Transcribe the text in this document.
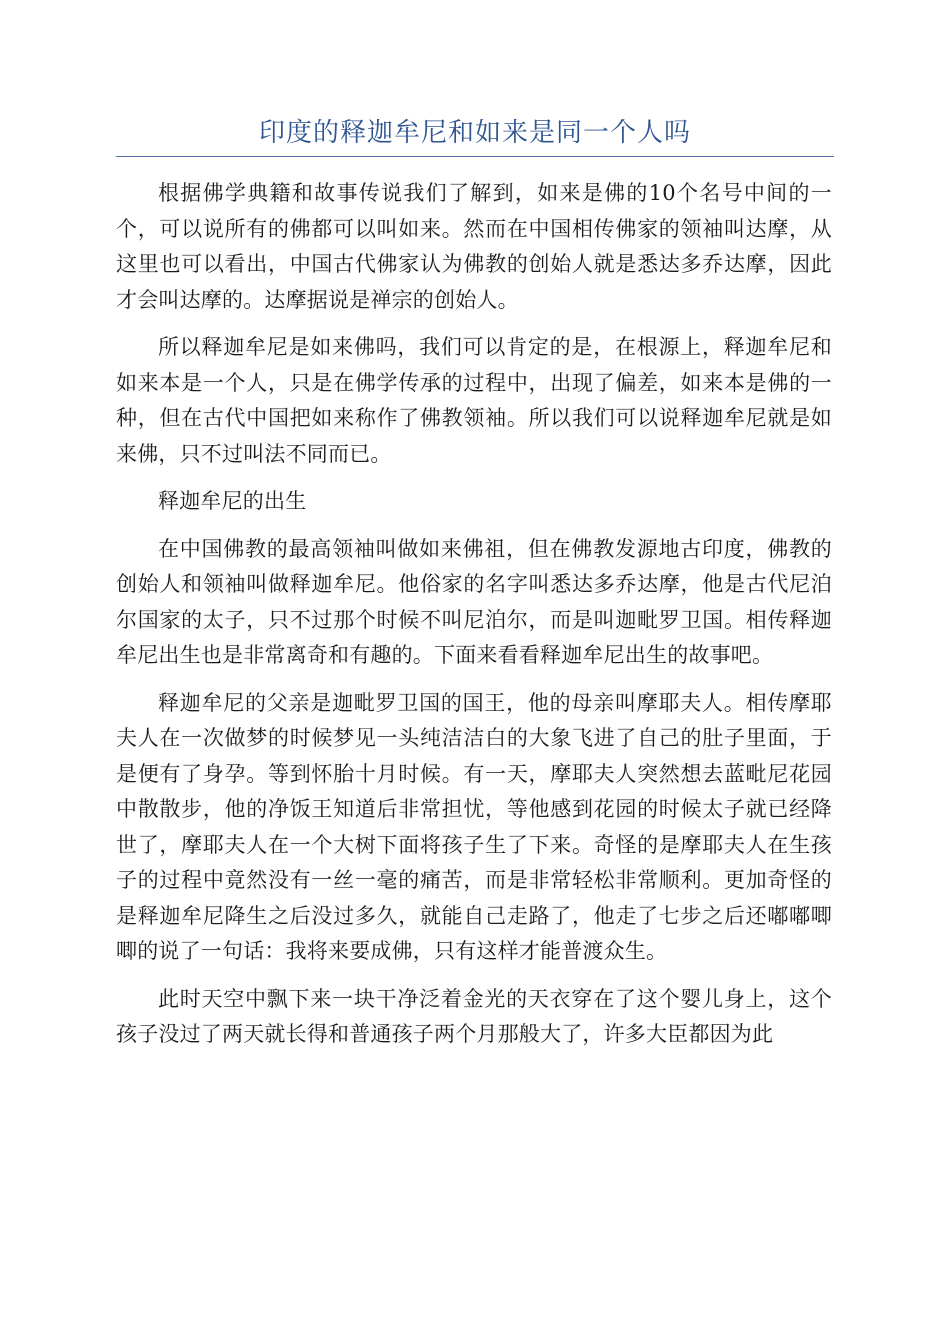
印度的释迦牟尼和如来是同一个人吗

根据佛学典籍和故事传说我们了解到，如来是佛的10个名号中间的一个，可以说所有的佛都可以叫如来。然而在中国相传佛家的领袖叫达摩，从这里也可以看出，中国古代佛家认为佛教的创始人就是悉达多乔达摩，因此才会叫达摩的。达摩据说是禅宗的创始人。

所以释迦牟尼是如来佛吗，我们可以肯定的是，在根源上，释迦牟尼和如来本是一个人，只是在佛学传承的过程中，出现了偏差，如来本是佛的一种，但在古代中国把如来称作了佛教领袖。所以我们可以说释迦牟尼就是如来佛，只不过叫法不同而已。

释迦牟尼的出生

在中国佛教的最高领袖叫做如来佛祖，但在佛教发源地古印度，佛教的创始人和领袖叫做释迦牟尼。他俗家的名字叫悉达多乔达摩，他是古代尼泊尔国家的太子，只不过那个时候不叫尼泊尔，而是叫迦毗罗卫国。相传释迦牟尼出生也是非常离奇和有趣的。下面来看看释迦牟尼出生的故事吧。

释迦牟尼的父亲是迦毗罗卫国的国王，他的母亲叫摩耶夫人。相传摩耶夫人在一次做梦的时候梦见一头纯洁洁白的大象飞进了自己的肚子里面，于是便有了身孕。等到怀胎十月时候。有一天，摩耶夫人突然想去蓝毗尼花园中散散步，他的净饭王知道后非常担忧，等他感到花园的时候太子就已经降世了，摩耶夫人在一个大树下面将孩子生了下来。奇怪的是摩耶夫人在生孩子的过程中竟然没有一丝一毫的痛苦，而是非常轻松非常顺利。更加奇怪的是释迦牟尼降生之后没过多久，就能自己走路了，他走了七步之后还嘟嘟唧唧的说了一句话：我将来要成佛，只有这样才能普渡众生。

此时天空中飘下来一块干净泛着金光的天衣穿在了这个婴儿身上，这个孩子没过了两天就长得和普通孩子两个月那般大了，许多大臣都因为此
